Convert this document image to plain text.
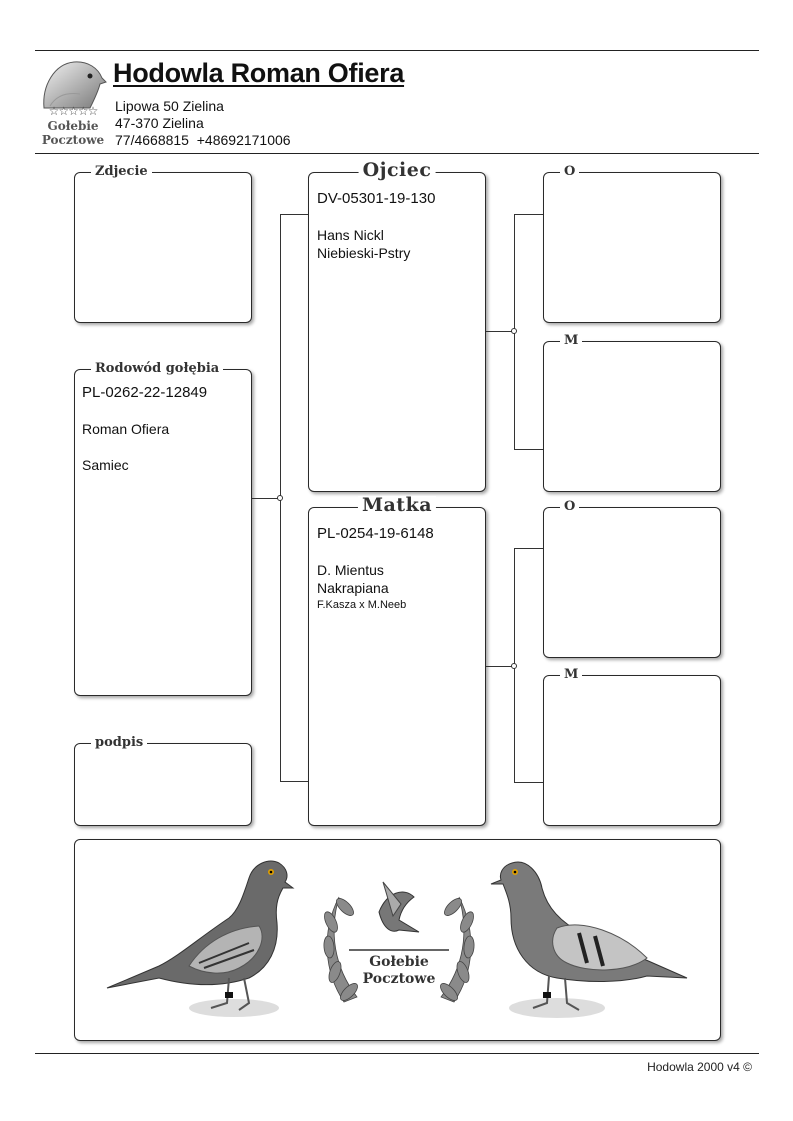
☆☆☆☆☆
Gołebie
Pocztowe
Hodowla Roman Ofiera
Lipowa 50 Zielina
47-370 Zielina
77/4668815  +48692171006
Zdjecie
Rodowód gołębia
PL-0262-22-12849
Roman Ofiera
Samiec
podpis
Ojciec
DV-05301-19-130
Hans Nickl
Niebieski-Pstry
Matka
PL-0254-19-6148
D. Mientus
Nakrapiana
F.Kasza x M.Neeb
O
M
O
M
Gołebie
Pocztowe
Hodowla 2000 v4 ©
